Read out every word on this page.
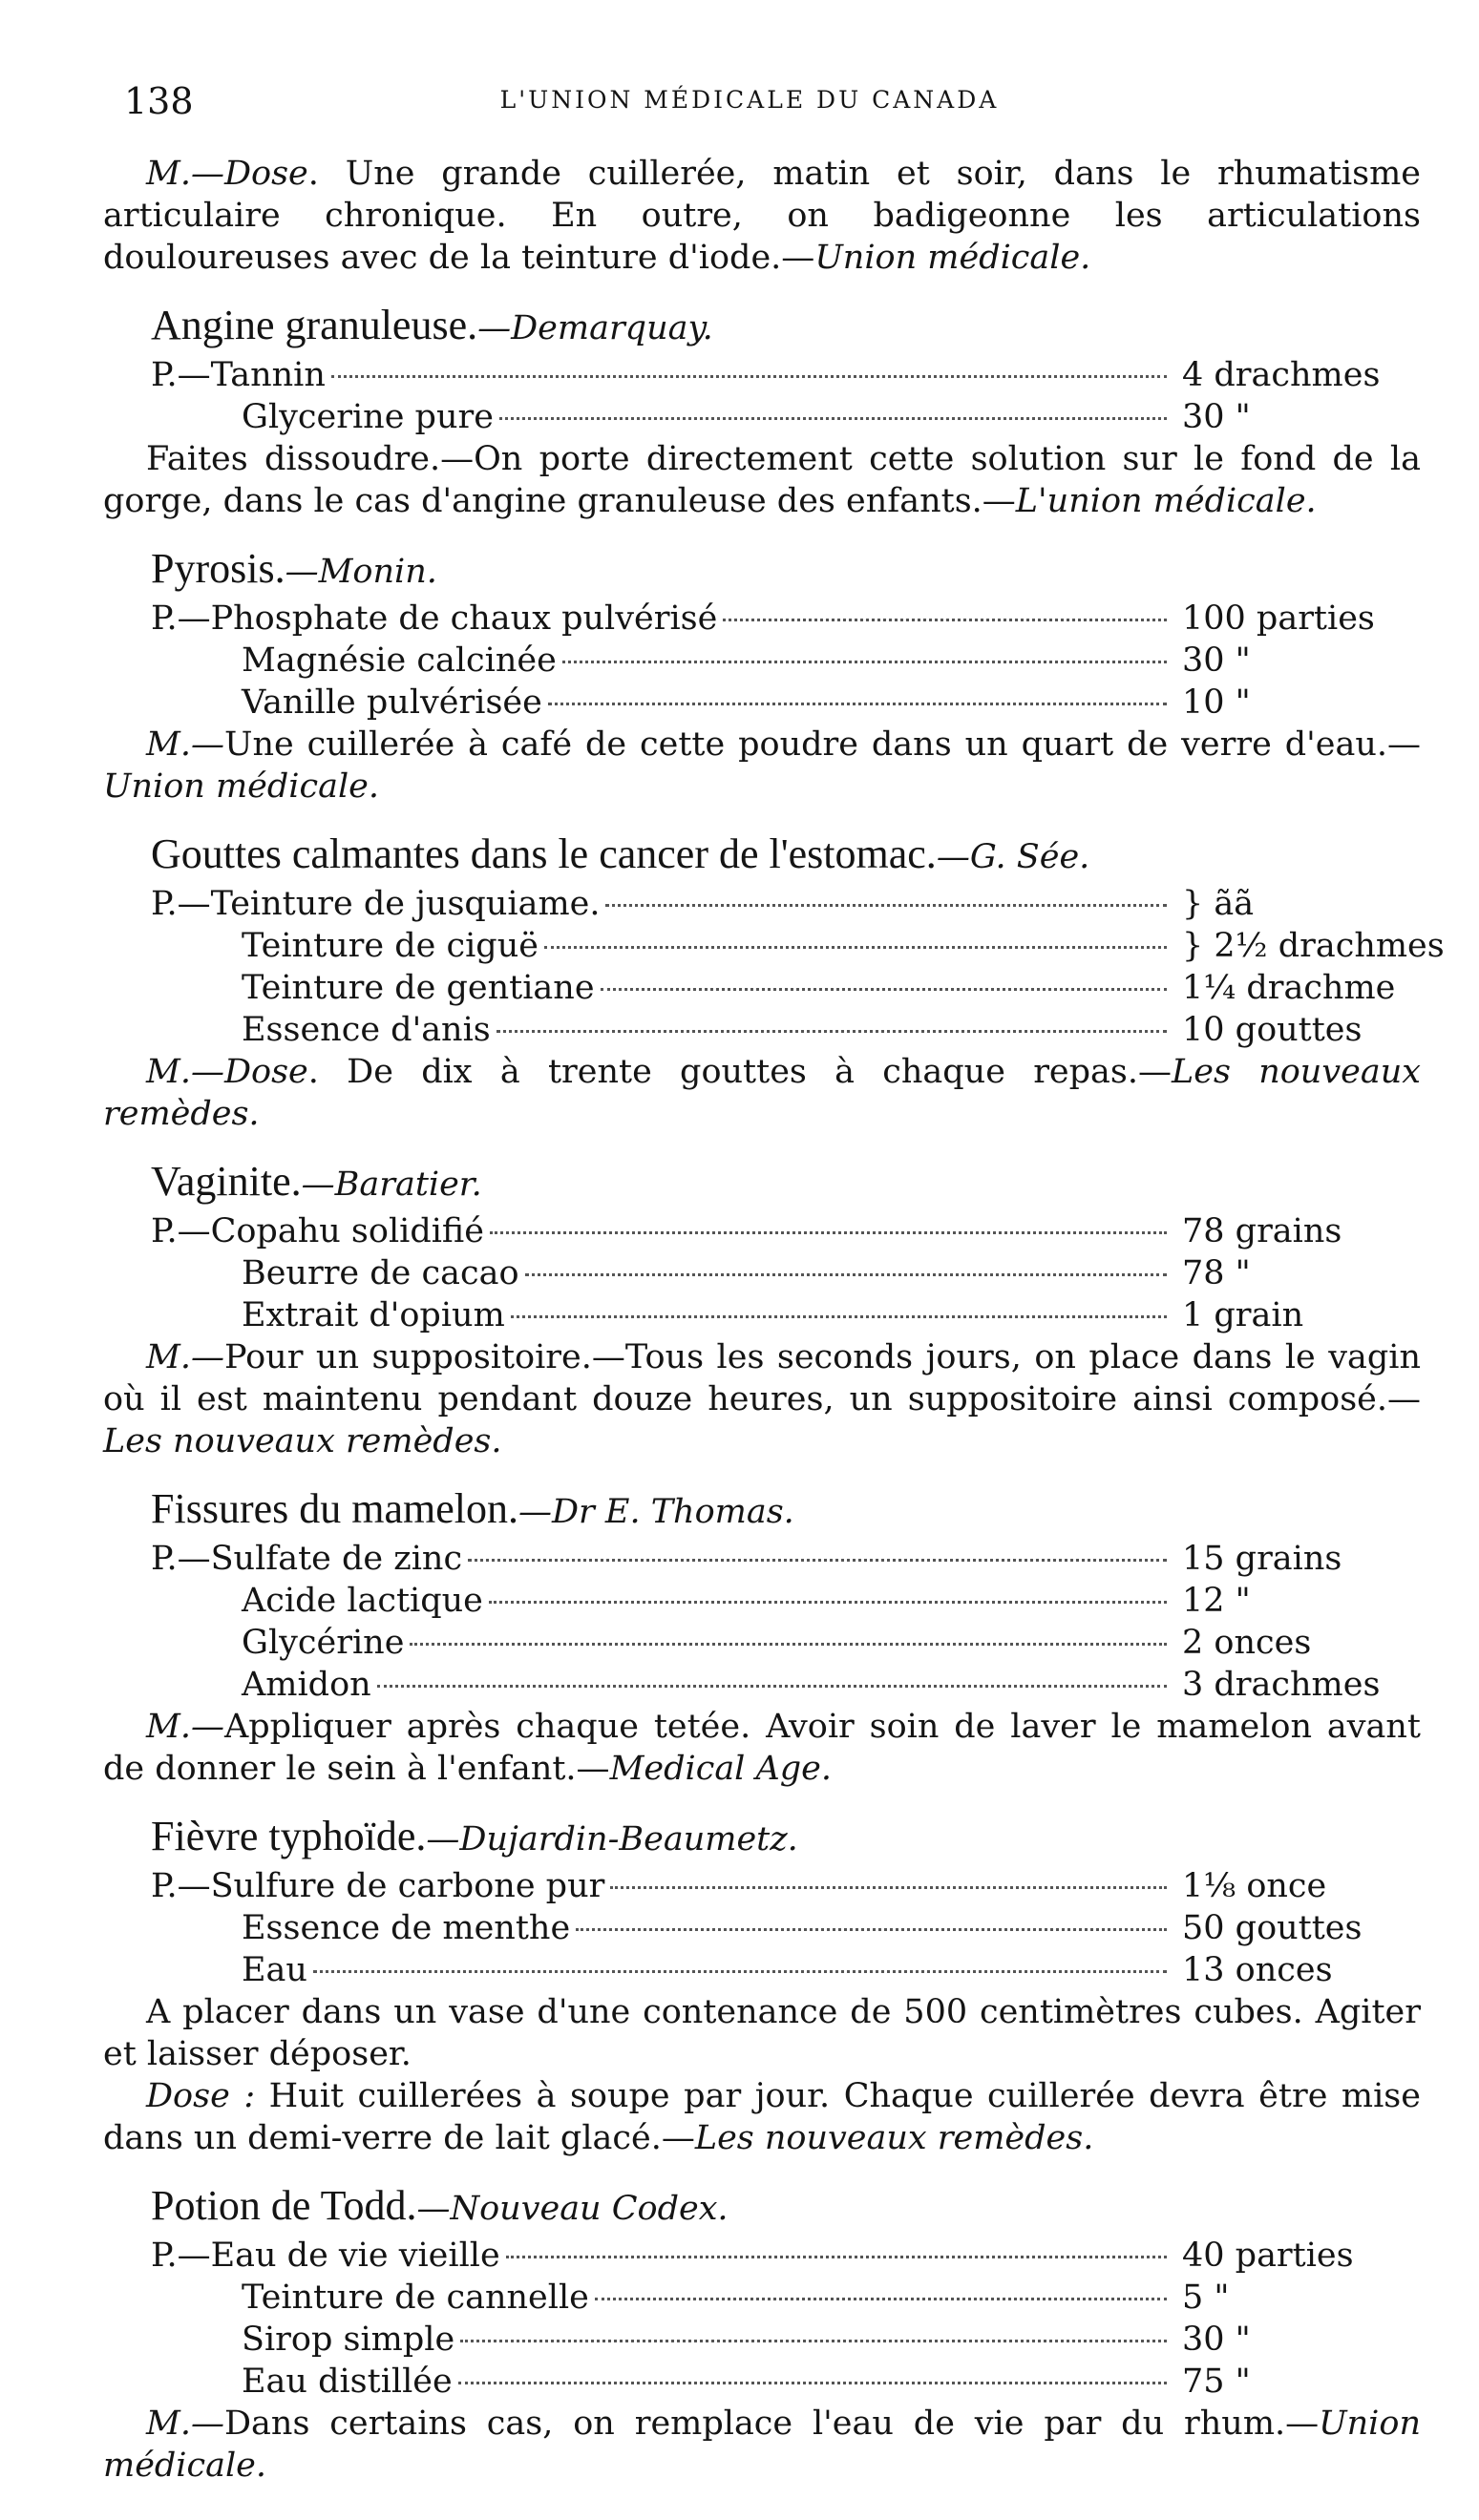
138	L'UNION MÉDICALE DU CANADA

M.—Dose. Une grande cuillerée, matin et soir, dans le rhumatisme articulaire chronique. En outre, on badigeonne les articulations douloureuses avec de la teinture d'iode.—Union médicale.

Angine granuleuse.—Demarquay.
P.—Tannin	4 drachmes
Glycerine pure	30 "

Faites dissoudre.—On porte directement cette solution sur le fond de la gorge, dans le cas d'angine granuleuse des enfants.—L'union médicale.

Pyrosis.—Monin.
P.—Phosphate de chaux pulvérisé	100 parties
Magnésie calcinée	30 "
Vanille pulvérisée	10 "

M.—Une cuillerée à café de cette poudre dans un quart de verre d'eau.—Union médicale.

Gouttes calmantes dans le cancer de l'estomac.—G. Sée.
P.—Teinture de jusquiame.	} ãã
Teinture de ciguë	} 2½ drachmes
Teinture de gentiane	1¼ drachme
Essence d'anis	10 gouttes

M.—Dose. De dix à trente gouttes à chaque repas.—Les nouveaux remèdes.

Vaginite.—Baratier.
P.—Copahu solidifié	78 grains
Beurre de cacao	78 "
Extrait d'opium	1 grain

M.—Pour un suppositoire.—Tous les seconds jours, on place dans le vagin où il est maintenu pendant douze heures, un suppositoire ainsi composé.—Les nouveaux remèdes.

Fissures du mamelon.—Dr E. Thomas.
P.—Sulfate de zinc	15 grains
Acide lactique	12 "
Glycérine	2 onces
Amidon	3 drachmes

M.—Appliquer après chaque tetée. Avoir soin de laver le mamelon avant de donner le sein à l'enfant.—Medical Age.

Fièvre typhoïde.—Dujardin-Beaumetz.
P.—Sulfure de carbone pur	1⅛ once
Essence de menthe	50 gouttes
Eau	13 onces

A placer dans un vase d'une contenance de 500 centimètres cubes. Agiter et laisser déposer.

Dose : Huit cuillerées à soupe par jour. Chaque cuillerée devra être mise dans un demi-verre de lait glacé.—Les nouveaux remèdes.

Potion de Todd.—Nouveau Codex.
P.—Eau de vie vieille	40 parties
Teinture de cannelle	5 "
Sirop simple	30 "
Eau distillée	75 "

M.—Dans certains cas, on remplace l'eau de vie par du rhum.—Union médicale.
